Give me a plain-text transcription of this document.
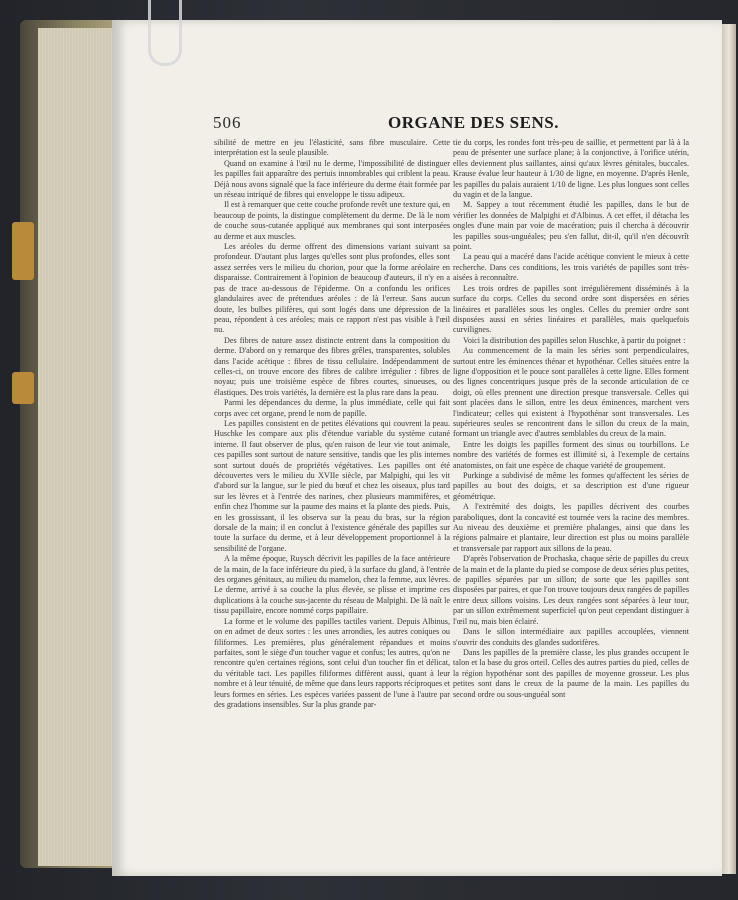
506	ORGANE DES SENS.

sibilité de mettre en jeu l'élasticité, sans fibre musculaire. Cette interprétation est la seule plausible.

Quand on examine à l'œil nu le derme, l'impossibilité de distinguer les papilles fait apparaître des pertuis innombrables qui criblent la peau. Déjà nous avons signalé que la face inférieure du derme était formée par un réseau intriqué de fibres qui enveloppe le tissu adipeux.

Il est à remarquer que cette couche profonde revêt une texture qui, en beaucoup de points, la distingue complètement du derme. De là le nom de couche sous-cutanée appliqué aux membranes qui sont interposées au derme et aux muscles.

Les aréoles du derme offrent des dimensions variant suivant sa profondeur. D'autant plus larges qu'elles sont plus profondes, elles sont assez serrées vers le milieu du chorion, pour que la forme aréolaire en disparaisse. Contrairement à l'opinion de beaucoup d'auteurs, il n'y en a pas de trace au-dessous de l'épiderme. On a confondu les orifices glandulaires avec de prétendues aréoles : de là l'erreur. Sans aucun doute, les bulbes pilifères, qui sont logés dans une dépression de la peau, répondent à ces aréoles; mais ce rapport n'est pas visible à l'œil nu.

Des fibres de nature assez distincte entrent dans la composition du derme. D'abord on y remarque des fibres grêles, transparentes, solubles dans l'acide acétique : fibres de tissu cellulaire. Indépendamment de celles-ci, on trouve encore des fibres de calibre irrégulier : fibres de noyau; puis une troisième espèce de fibres courtes, sinueuses, ou élastiques. Des trois variétés, la dernière est la plus rare dans la peau.

Parmi les dépendances du derme, la plus immédiate, celle qui fait corps avec cet organe, prend le nom de papille.

Les papilles consistent en de petites élévations qui couvrent la peau. Huschke les compare aux plis d'étendue variable du système cutané interne. Il faut observer de plus, qu'en raison de leur vie tout animale, ces papilles sont surtout de nature sensitive, tandis que les plis internes sont surtout doués de propriétés végétatives. Les papilles ont été découvertes vers le milieu du XVIIe siècle, par Malpighi, qui les vit d'abord sur la langue, sur le pied du bœuf et chez les oiseaux, plus tard sur les lèvres et à l'entrée des narines, chez plusieurs mammifères, et enfin chez l'homme sur la paume des mains et la plante des pieds. Puis, en les grossissant, il les observa sur la peau du bras, sur la région dorsale de la main; il en conclut à l'existence générale des papilles sur toute la surface du derme, et à leur développement proportionnel à la sensibilité de l'organe.

A la même époque, Ruysch décrivit les papilles de la face antérieure de la main, de la face inférieure du pied, à la surface du gland, à l'entrée des organes génitaux, au milieu du mamelon, chez la femme, aux lèvres. Le derme, arrivé à sa couche la plus élevée, se plisse et imprime ces duplications à la couche sus-jacente du réseau de Malpighi. De là naît le tissu papillaire, encore nommé corps papillaire.

La forme et le volume des papilles tactiles varient. Depuis Albinus, on en admet de deux sortes : les unes arrondies, les autres coniques ou filiformes. Les premières, plus généralement répandues et moins parfaites, sont le siège d'un toucher vague et confus; les autres, qu'on ne rencontre qu'en certaines régions, sont celui d'un toucher fin et délicat, du véritable tact. Les papilles filiformes diffèrent aussi, quant à leur nombre et à leur ténuité, de même que dans leurs rapports réciproques et leurs formes en séries. Les espèces variées passent de l'une à l'autre par des gradations insensibles. Sur la plus grande par-

tie du corps, les rondes font très-peu de saillie, et permettent par là à la peau de présenter une surface plane; à la conjonctive, à l'orifice utérin, elles deviennent plus saillantes, ainsi qu'aux lèvres génitales, buccales. Krause évalue leur hauteur à 1/30 de ligne, en moyenne. D'après Henle, les papilles du palais auraient 1/10 de ligne. Les plus longues sont celles du vagin et de la langue.

M. Sappey a tout récemment étudié les papilles, dans le but de vérifier les données de Malpighi et d'Albinus. A cet effet, il détacha les ongles d'une main par voie de macération; puis il chercha à découvrir les papilles sous-unguéales; peu s'en fallut, dit-il, qu'il n'en découvrît point.

La peau qui a macéré dans l'acide acétique convient le mieux à cette recherche. Dans ces conditions, les trois variétés de papilles sont très-aisées à reconnaître.

Les trois ordres de papilles sont irrégulièrement disséminés à la surface du corps. Celles du second ordre sont dispersées en séries linéaires et parallèles sous les ongles. Celles du premier ordre sont disposées aussi en séries linéaires et parallèles, mais quelquefois curvilignes.

Voici la distribution des papilles selon Huschke, à partir du poignet :

Au commencement de la main les séries sont perpendiculaires, surtout entre les éminences thénar et hypothénar. Celles situées entre la ligne d'opposition et le pouce sont parallèles à cette ligne. Elles forment des lignes concentriques jusque près de la seconde articulation de ce doigt, où elles prennent une direction presque transversale. Celles qui sont placées dans le sillon, entre les deux éminences, marchent vers l'indicateur; celles qui existent à l'hypothénar sont transversales. Les supérieures seules se rencontrent dans le sillon du creux de la main, formant un triangle avec d'autres semblables du creux de la main.

Entre les doigts les papilles forment des sinus ou tourbillons. Le nombre des variétés de formes est illimité si, à l'exemple de certains anatomistes, on fait une espèce de chaque variété de groupement.

Purkinge a subdivisé de même les formes qu'affectent les séries de papilles au bout des doigts, et sa description est d'une rigueur géométrique.

A l'extrémité des doigts, les papilles décrivent des courbes paraboliques, dont la concavité est tournée vers la racine des membres. Au niveau des deuxième et première phalanges, ainsi que dans les régions palmaire et plantaire, leur direction est plus ou moins parallèle et transversale par rapport aux sillons de la peau.

D'après l'observation de Prochaska, chaque série de papilles du creux de la main et de la plante du pied se compose de deux séries plus petites, de papilles séparées par un sillon; de sorte que les papilles sont disposées par paires, et que l'on trouve toujours deux rangées de papilles entre deux sillons voisins. Les deux rangées sont séparées à leur tour, par un sillon extrêmement superficiel qu'on peut cependant distinguer à l'œil nu, mais bien éclairé.

Dans le sillon intermédiaire aux papilles accouplées, viennent s'ouvrir des conduits des glandes sudorifères.

Dans les papilles de la première classe, les plus grandes occupent le talon et la base du gros orteil. Celles des autres parties du pied, celles de la région hypothénar sont des papilles de moyenne grosseur. Les plus petites sont dans le creux de la paume de la main. Les papilles du second ordre ou sous-unguéal sont
